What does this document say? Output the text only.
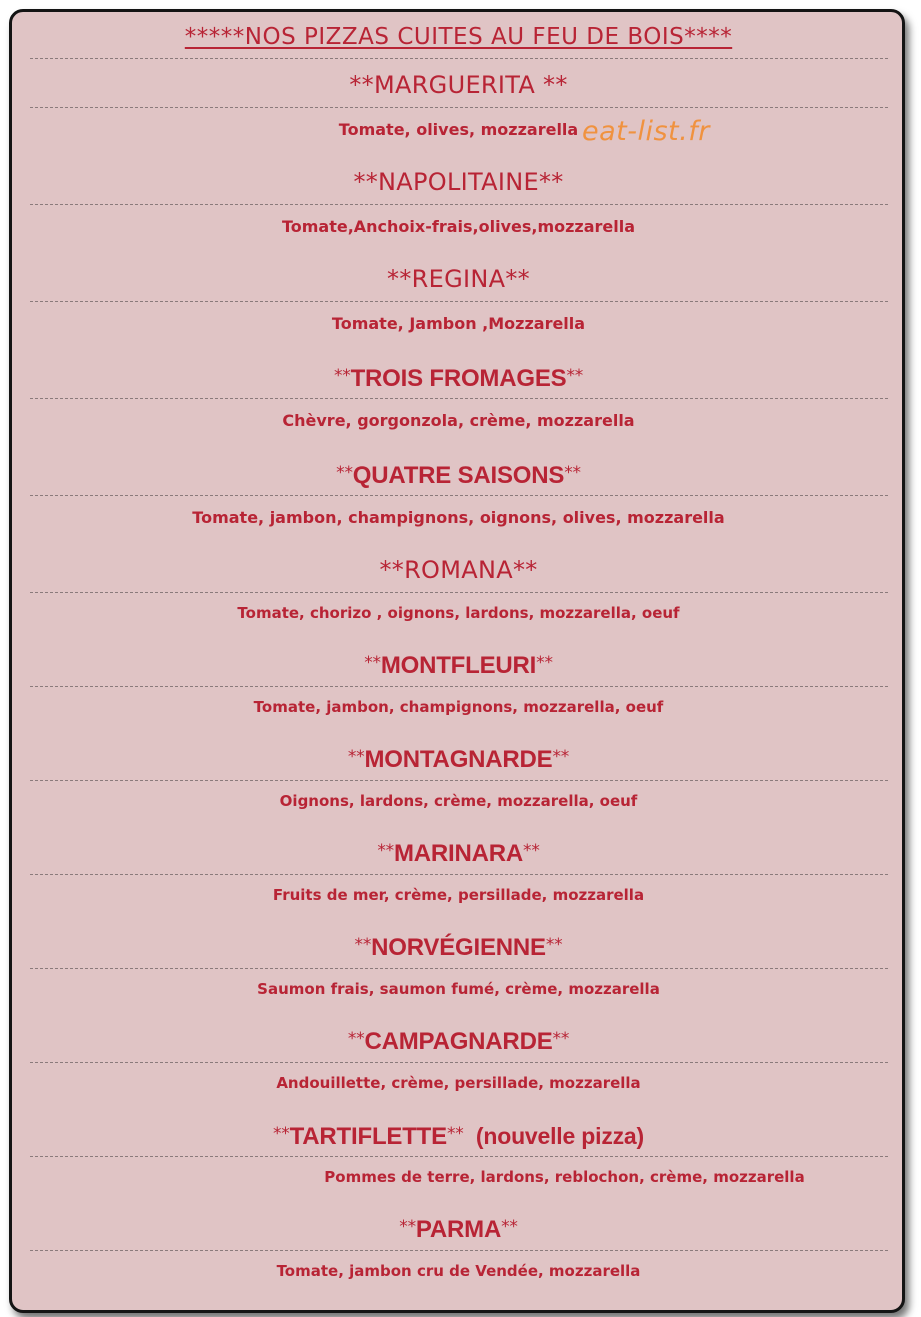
*****NOS PIZZAS CUITES AU FEU DE BOIS****
**MARGUERITA **
Tomate, olives, mozzarella
**NAPOLITAINE**
Tomate,Anchoix-frais,olives,mozzarella
**REGINA**
Tomate, Jambon ,Mozzarella
**TROIS FROMAGES**
Chèvre, gorgonzola, crème, mozzarella
**QUATRE SAISONS**
Tomate, jambon, champignons, oignons, olives, mozzarella
**ROMANA**
Tomate, chorizo , oignons, lardons, mozzarella, oeuf
**MONTFLEURI**
Tomate, jambon, champignons, mozzarella, oeuf
**MONTAGNARDE**
Oignons, lardons, crème, mozzarella, oeuf
**MARINARA**
Fruits de mer, crème, persillade, mozzarella
**NORVÉGIENNE**
Saumon frais, saumon fumé, crème, mozzarella
**CAMPAGNARDE**
Andouillette, crème, persillade, mozzarella
**TARTIFLETTE**  (nouvelle pizza)
Pommes de terre, lardons, reblochon, crème, mozzarella
**PARMA**
Tomate, jambon cru de Vendée, mozzarella
eat-list.fr
